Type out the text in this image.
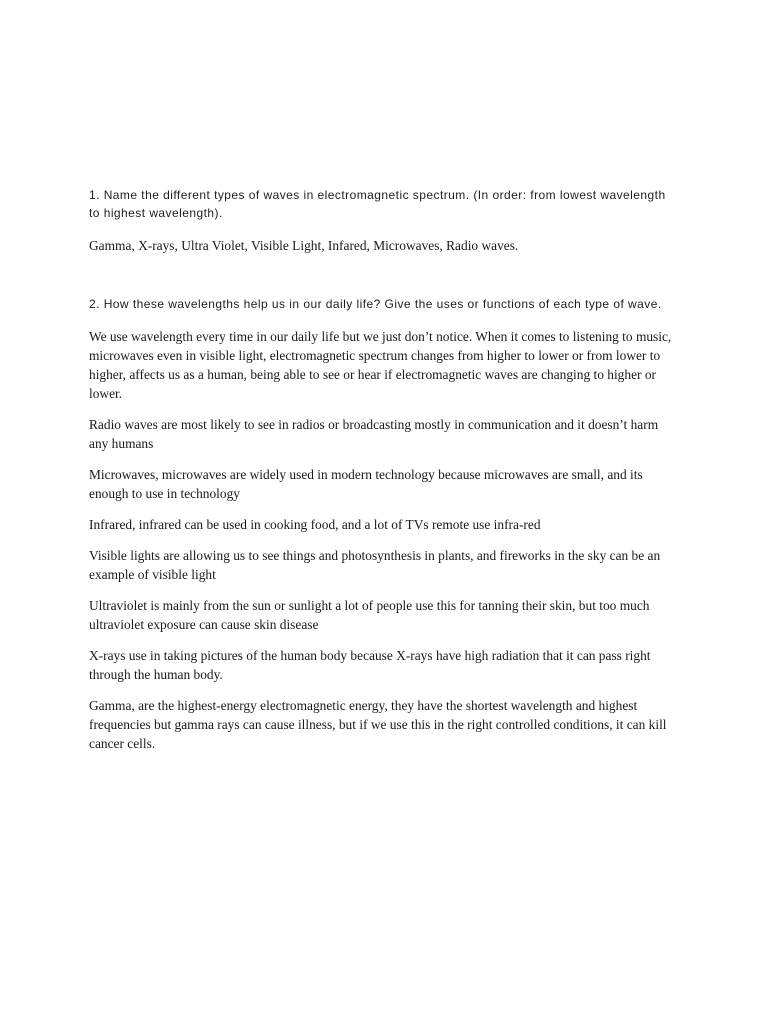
1. Name the different types of waves in electromagnetic spectrum. (In order: from lowest wavelength to highest wavelength).

Gamma, X-rays, Ultra Violet, Visible Light, Infared, Microwaves, Radio waves.

2. How these wavelengths help us in our daily life? Give the uses or functions of each type of wave.

We use wavelength every time in our daily life but we just don’t notice. When it comes to listening to music, microwaves even in visible light, electromagnetic spectrum changes from higher to lower or from lower to higher, affects us as a human, being able to see or hear if electromagnetic waves are changing to higher or lower.

Radio waves are most likely to see in radios or broadcasting mostly in communication and it doesn’t harm any humans

Microwaves, microwaves are widely used in modern technology because microwaves are small, and its enough to use in technology

Infrared, infrared can be used in cooking food, and a lot of TVs remote use infra-red

Visible lights are allowing us to see things and photosynthesis in plants, and fireworks in the sky can be an example of visible light

Ultraviolet is mainly from the sun or sunlight a lot of people use this for tanning their skin, but too much ultraviolet exposure can cause skin disease

X-rays use in taking pictures of the human body because X-rays have high radiation that it can pass right through the human body.

Gamma, are the highest-energy electromagnetic energy, they have the shortest wavelength and highest frequencies but gamma rays can cause illness, but if we use this in the right controlled conditions, it can kill cancer cells.
